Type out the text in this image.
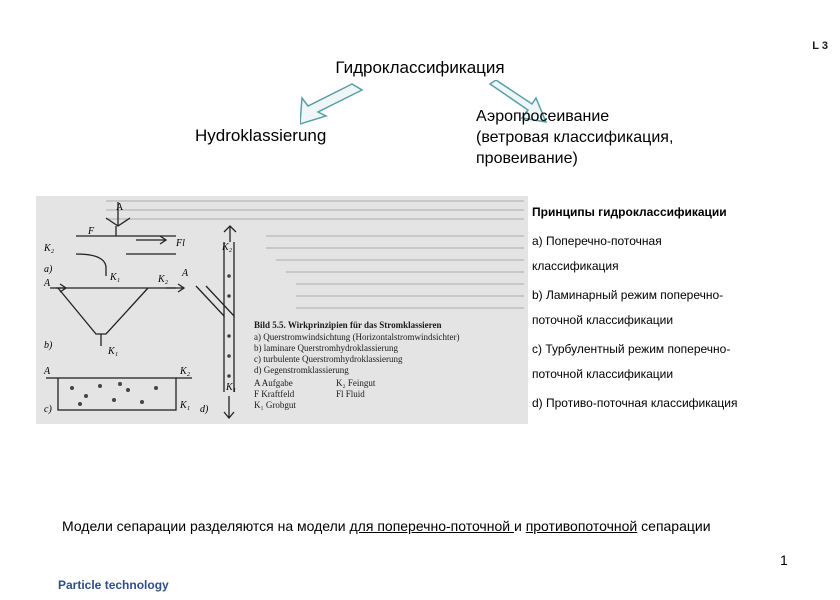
L 3
Гидроклассификация
Hydroklassierung
Аэропросеивание
(ветровая классификация,
провеивание)
A
K₂	Fl
F
K₁
a)
A	K₂
K₁
b)
A	K₂
K₁
c)
A
K₂
K₁
d)
Bild 5.5. Wirkprinzipien für das Stromklassieren
a) Querstromwindsichtung (Horizontalstromwindsichter)
b) laminare Querstromhydroklassierung
c) turbulente Querstromhydroklassierung
d) Gegenstromklassierung
A Aufgabe	K₂ Feingut
F Kraftfeld	Fl Fluid
K₁ Grobgut
Принципы гидроклассификации
a) Поперечно-поточная
классификация
b) Ламинарный режим поперечно-
поточной классификации
c) Турбулентный режим поперечно-
поточной классификации
d) Противо-поточная классификация
Модели сепарации разделяются на модели для поперечно-поточной и противопоточной сепарации
1
Particle technology
